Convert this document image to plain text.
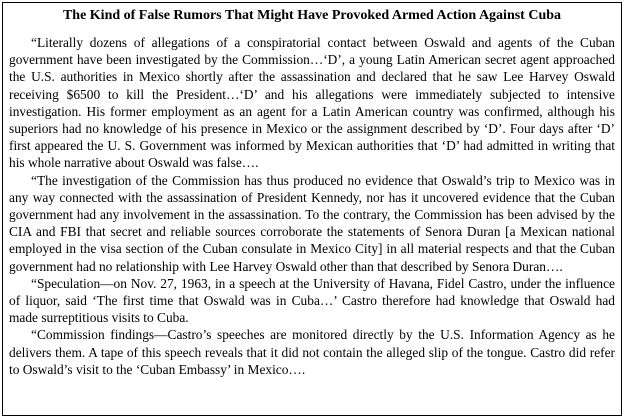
The Kind of False Rumors That Might Have Provoked Armed Action Against Cuba

“Literally dozens of allegations of a conspiratorial contact between Oswald and agents of the Cuban government have been investigated by the Commission…‘D’, a young Latin American secret agent approached the U.S. authorities in Mexico shortly after the assassination and declared that he saw Lee Harvey Oswald receiving $6500 to kill the President…‘D’ and his allegations were immediately subjected to intensive investigation. His former employment as an agent for a Latin American country was confirmed, although his superiors had no knowledge of his presence in Mexico or the assignment described by ‘D’. Four days after ‘D’ first appeared the U. S. Government was informed by Mexican authorities that ‘D’ had admitted in writing that his whole narrative about Oswald was false….

“The investigation of the Commission has thus produced no evidence that Oswald’s trip to Mexico was in any way connected with the assassination of President Kennedy, nor has it uncovered evidence that the Cuban government had any involvement in the assassination. To the contrary, the Commission has been advised by the CIA and FBI that secret and reliable sources corroborate the statements of Senora Duran [a Mexican national employed in the visa section of the Cuban consulate in Mexico City] in all material respects and that the Cuban government had no relationship with Lee Harvey Oswald other than that described by Senora Duran….

“Speculation—on Nov. 27, 1963, in a speech at the University of Havana, Fidel Castro, under the influence of liquor, said ‘The first time that Oswald was in Cuba…’ Castro therefore had knowledge that Oswald had made surreptitious visits to Cuba.

“Commission findings—Castro’s speeches are monitored directly by the U.S. Information Agency as he delivers them. A tape of this speech reveals that it did not contain the alleged slip of the tongue. Castro did refer to Oswald’s visit to the ‘Cuban Embassy’ in Mexico….
